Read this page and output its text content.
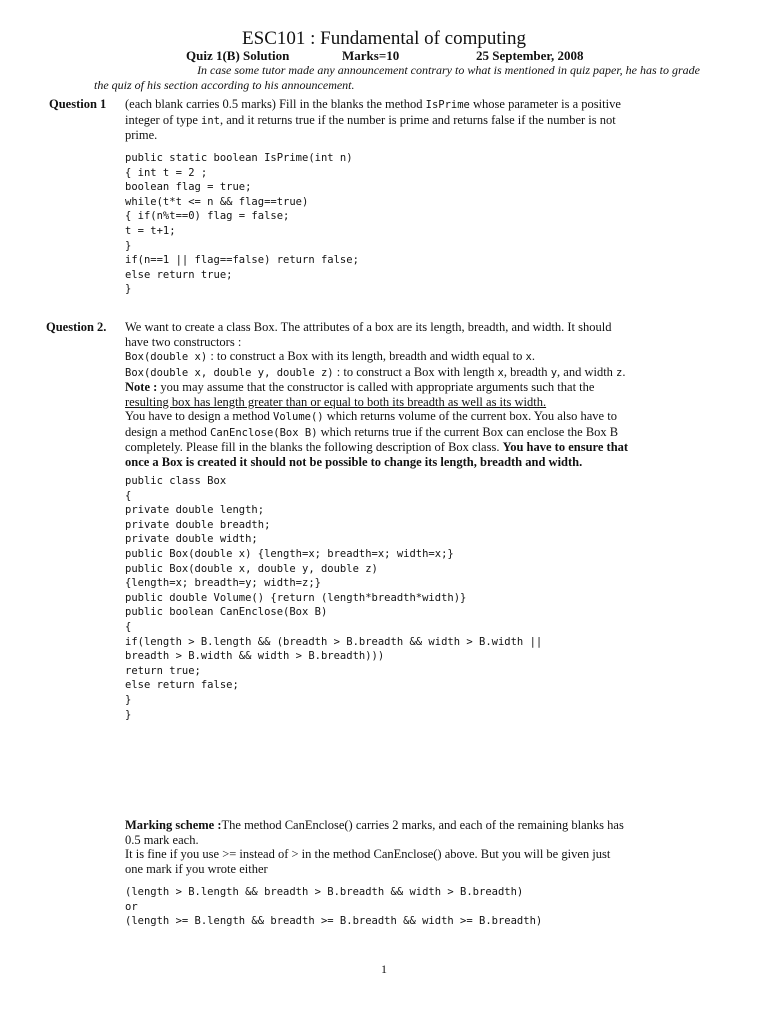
ESC101 : Fundamental of computing
Quiz 1(B) Solution	Marks=10	25 September, 2008
In case some tutor made any announcement contrary to what is mentioned in quiz paper, he has to grade
the quiz of his section according to his announcement.
Question 1 (each blank carries 0.5 marks) Fill in the blanks the method IsPrime whose parameter is a positive
integer of type int, and it returns true if the number is prime and returns false if the number is not
prime.
public static boolean IsPrime(int n)
{ int t = 2 ;
boolean flag = true;
while(t*t <= n && flag==true)
{ if(n%t==0) flag = false;
t = t+1;
}
if(n==1 || flag==false) return false;
else return true;
}
Question 2. We want to create a class Box. The attributes of a box are its length, breadth, and width. It should
have two constructors :
Box(double x) : to construct a Box with its length, breadth and width equal to x.
Box(double x, double y, double z) : to construct a Box with length x, breadth y, and width z.
Note : you may assume that the constructor is called with appropriate arguments such that the
resulting box has length greater than or equal to both its breadth as well as its width.
You have to design a method Volume() which returns volume of the current box. You also have to
design a method CanEnclose(Box B) which returns true if the current Box can enclose the Box B
completely. Please fill in the blanks the following description of Box class. You have to ensure that
once a Box is created it should not be possible to change its length, breadth and width.
public class Box
{
private double length;
private double breadth;
private double width;
public Box(double x) {length=x; breadth=x; width=x;}
public Box(double x, double y, double z)
{length=x; breadth=y; width=z;}
public double Volume() {return (length*breadth*width)}
public boolean CanEnclose(Box B)
{
if(length > B.length && (breadth > B.breadth && width > B.width ||
breadth > B.width && width > B.breadth)))
return true;
else return false;
}
}
Marking scheme :The method CanEnclose() carries 2 marks, and each of the remaining blanks has
0.5 mark each.
It is fine if you use >= instead of > in the method CanEnclose() above. But you will be given just
one mark if you wrote either
(length > B.length && breadth > B.breadth && width > B.breadth)
or
(length >= B.length && breadth >= B.breadth && width >= B.breadth)
1
